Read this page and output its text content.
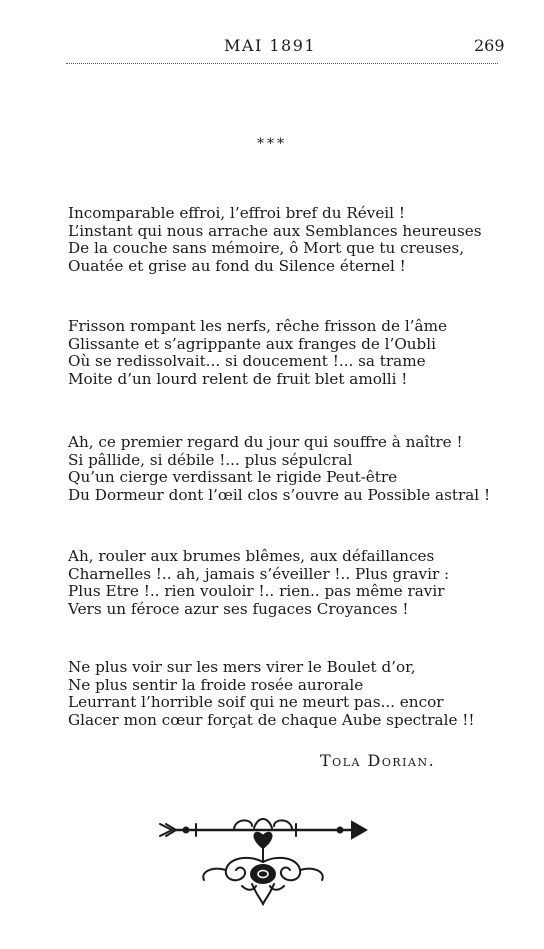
MAI 1891	269
***
Incomparable effroi, l’effroi bref du Réveil !
L’instant qui nous arrache aux Semblances heureuses
De la couche sans mémoire, ô Mort que tu creuses,
Ouatée et grise au fond du Silence éternel !
Frisson rompant les nerfs, rêche frisson de l’âme
Glissante et s’agrippante aux franges de l’Oubli
Où se redissolvait... si doucement !... sa trame
Moite d’un lourd relent de fruit blet amolli !
Ah, ce premier regard du jour qui souffre à naître !
Si pâllide, si débile !... plus sépulcral
Qu’un cierge verdissant le rigide Peut-être
Du Dormeur dont l’œil clos s’ouvre au Possible astral !
Ah, rouler aux brumes blêmes, aux défaillances
Charnelles !.. ah, jamais s’éveiller !.. Plus gravir :
Plus Etre !.. rien vouloir !.. rien.. pas même ravir
Vers un féroce azur ses fugaces Croyances !
Ne plus voir sur les mers virer le Boulet d’or,
Ne plus sentir la froide rosée aurorale
Leurrant l’horrible soif qui ne meurt pas... encor
Glacer mon cœur forçat de chaque Aube spectrale !!
Tola Dorian.
